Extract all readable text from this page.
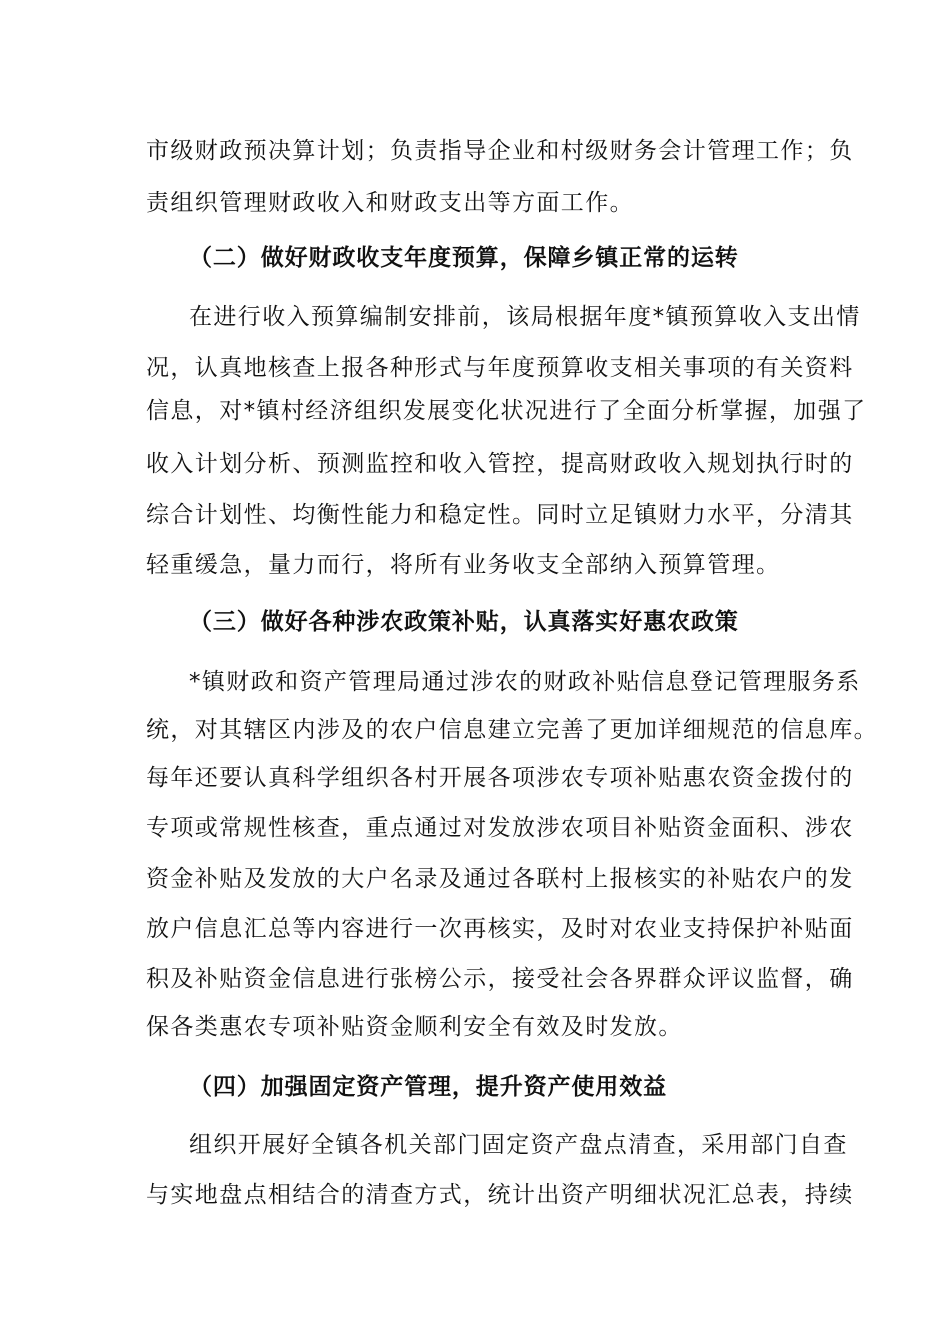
市级财政预决算计划；负责指导企业和村级财务会计管理工作；负
责组织管理财政收入和财政支出等方面工作。
（二）做好财政收支年度预算，保障乡镇正常的运转
在进行收入预算编制安排前，该局根据年度*镇预算收入支出情
况，认真地核查上报各种形式与年度预算收支相关事项的有关资料
信息，对*镇村经济组织发展变化状况进行了全面分析掌握，加强了
收入计划分析、预测监控和收入管控，提高财政收入规划执行时的
综合计划性、均衡性能力和稳定性。同时立足镇财力水平，分清其
轻重缓急，量力而行，将所有业务收支全部纳入预算管理。
（三）做好各种涉农政策补贴，认真落实好惠农政策
*镇财政和资产管理局通过涉农的财政补贴信息登记管理服务系
统，对其辖区内涉及的农户信息建立完善了更加详细规范的信息库。
每年还要认真科学组织各村开展各项涉农专项补贴惠农资金拨付的
专项或常规性核查，重点通过对发放涉农项目补贴资金面积、涉农
资金补贴及发放的大户名录及通过各联村上报核实的补贴农户的发
放户信息汇总等内容进行一次再核实，及时对农业支持保护补贴面
积及补贴资金信息进行张榜公示，接受社会各界群众评议监督，确
保各类惠农专项补贴资金顺利安全有效及时发放。
（四）加强固定资产管理，提升资产使用效益
组织开展好全镇各机关部门固定资产盘点清查，采用部门自查
与实地盘点相结合的清查方式，统计出资产明细状况汇总表，持续
